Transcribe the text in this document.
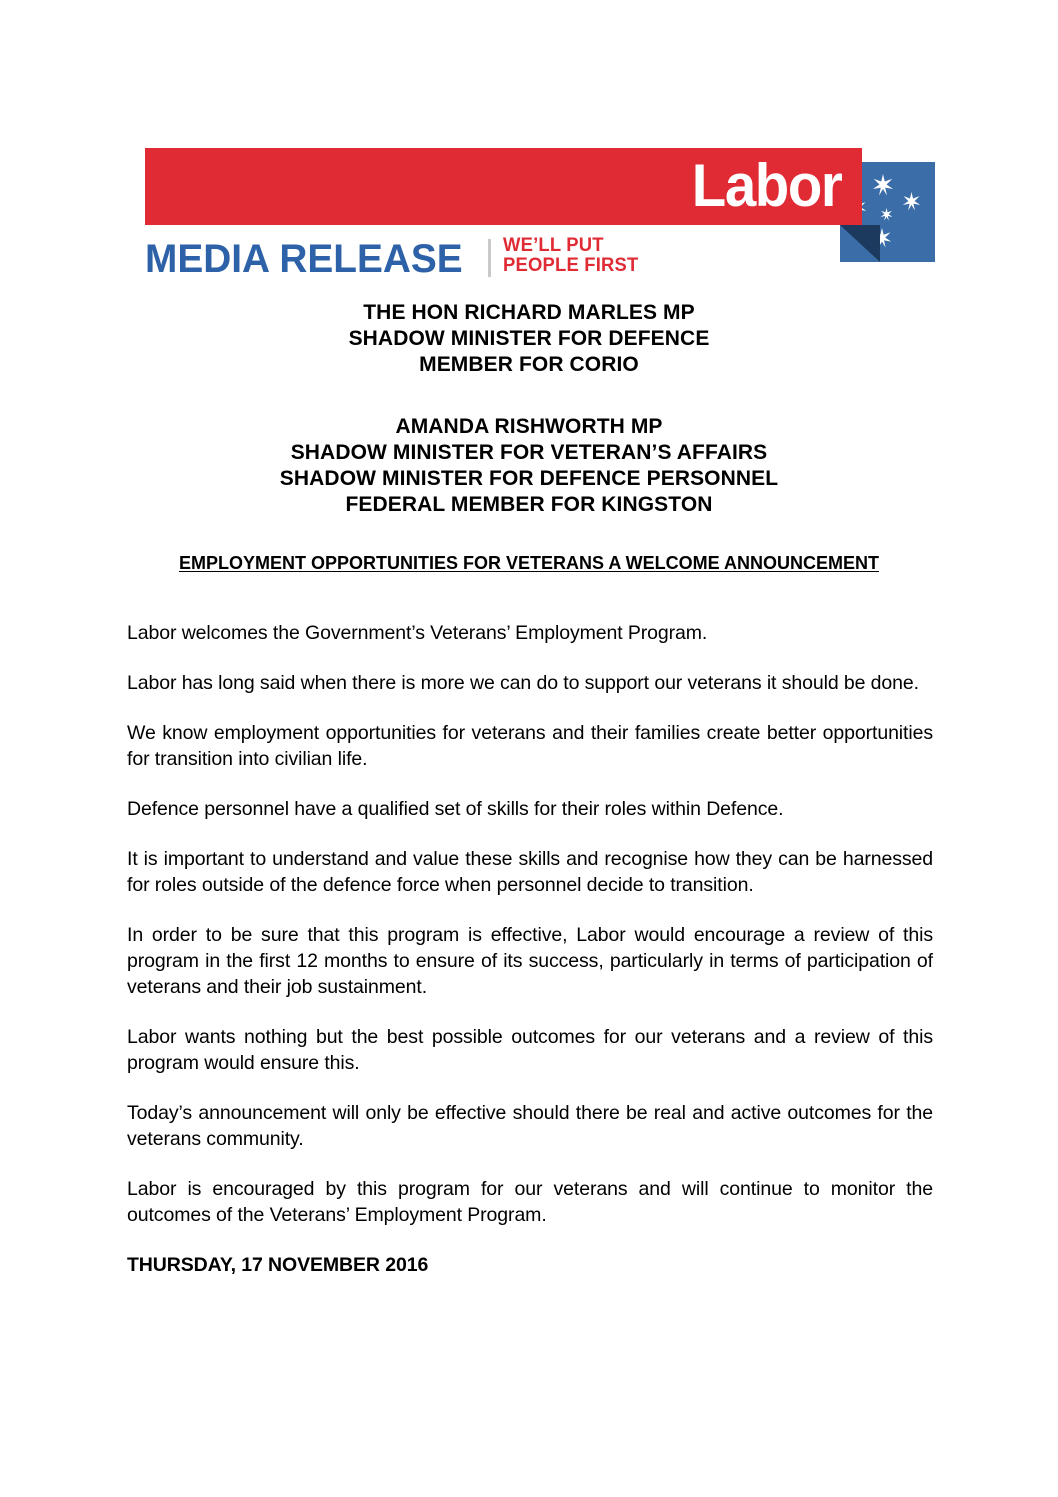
Labor
MEDIA RELEASE WE’LL PUT
PEOPLE FIRST
THE HON RICHARD MARLES MP
SHADOW MINISTER FOR DEFENCE
MEMBER FOR CORIO
AMANDA RISHWORTH MP
SHADOW MINISTER FOR VETERAN’S AFFAIRS
SHADOW MINISTER FOR DEFENCE PERSONNEL
FEDERAL MEMBER FOR KINGSTON
EMPLOYMENT OPPORTUNITIES FOR VETERANS A WELCOME ANNOUNCEMENT

Labor welcomes the Government’s Veterans’ Employment Program.

Labor has long said when there is more we can do to support our veterans it should be done.

We know employment opportunities for veterans and their families create better opportunities for transition into civilian life.

Defence personnel have a qualified set of skills for their roles within Defence.

It is important to understand and value these skills and recognise how they can be harnessed for roles outside of the defence force when personnel decide to transition.

In order to be sure that this program is effective, Labor would encourage a review of this program in the first 12 months to ensure of its success, particularly in terms of participation of veterans and their job sustainment.

Labor wants nothing but the best possible outcomes for our veterans and a review of this program would ensure this.

Today’s announcement will only be effective should there be real and active outcomes for the veterans community.

Labor is encouraged by this program for our veterans and will continue to monitor the outcomes of the Veterans’ Employment Program.

THURSDAY, 17 NOVEMBER 2016
